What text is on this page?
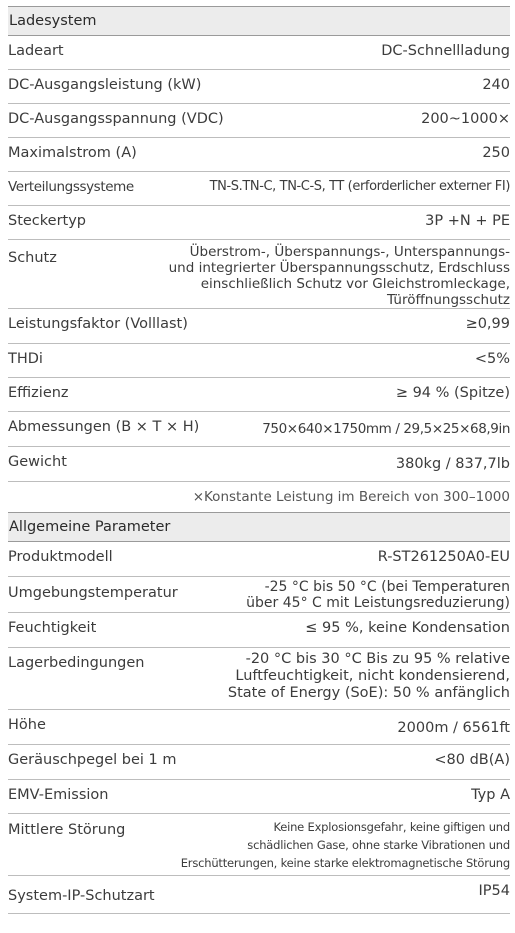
Ladesystem
Ladeart	DC-Schnellladung
DC-Ausgangsleistung (kW)	240
DC-Ausgangsspannung (VDC)	200~1000×
Maximalstrom (A)	250
Verteilungssysteme	TN-S.TN-C, TN-C-S, TT (erforderlicher externer FI)
Steckertyp	3P +N + PE
Schutz	Überstrom-, Überspannungs-, Unterspannungs-
und integrierter Überspannungsschutz, Erdschluss
einschließlich Schutz vor Gleichstromleckage,
Türöffnungsschutz
Leistungsfaktor (Volllast)	≥0,99
THDi	<5%
Effizienz	≥ 94 % (Spitze)
Abmessungen (B × T × H)	750×640×1750mm / 29,5×25×68,9in
Gewicht	380kg / 837,7lb
×Konstante Leistung im Bereich von 300–1000
Allgemeine Parameter
Produktmodell	R-ST261250A0-EU
Umgebungstemperatur	-25 °C bis 50 °C (bei Temperaturen
über 45° C mit Leistungsreduzierung)
Feuchtigkeit	≤ 95 %, keine Kondensation
Lagerbedingungen	-20 °C bis 30 °C Bis zu 95 % relative
Luftfeuchtigkeit, nicht kondensierend,
State of Energy (SoE): 50 % anfänglich
Höhe	2000m / 6561ft
Geräuschpegel bei 1 m	<80 dB(A)
EMV-Emission	Typ A
Mittlere Störung	Keine Explosionsgefahr, keine giftigen und
schädlichen Gase, ohne starke Vibrationen und
Erschütterungen, keine starke elektromagnetische Störung
System-IP-Schutzart	IP54
